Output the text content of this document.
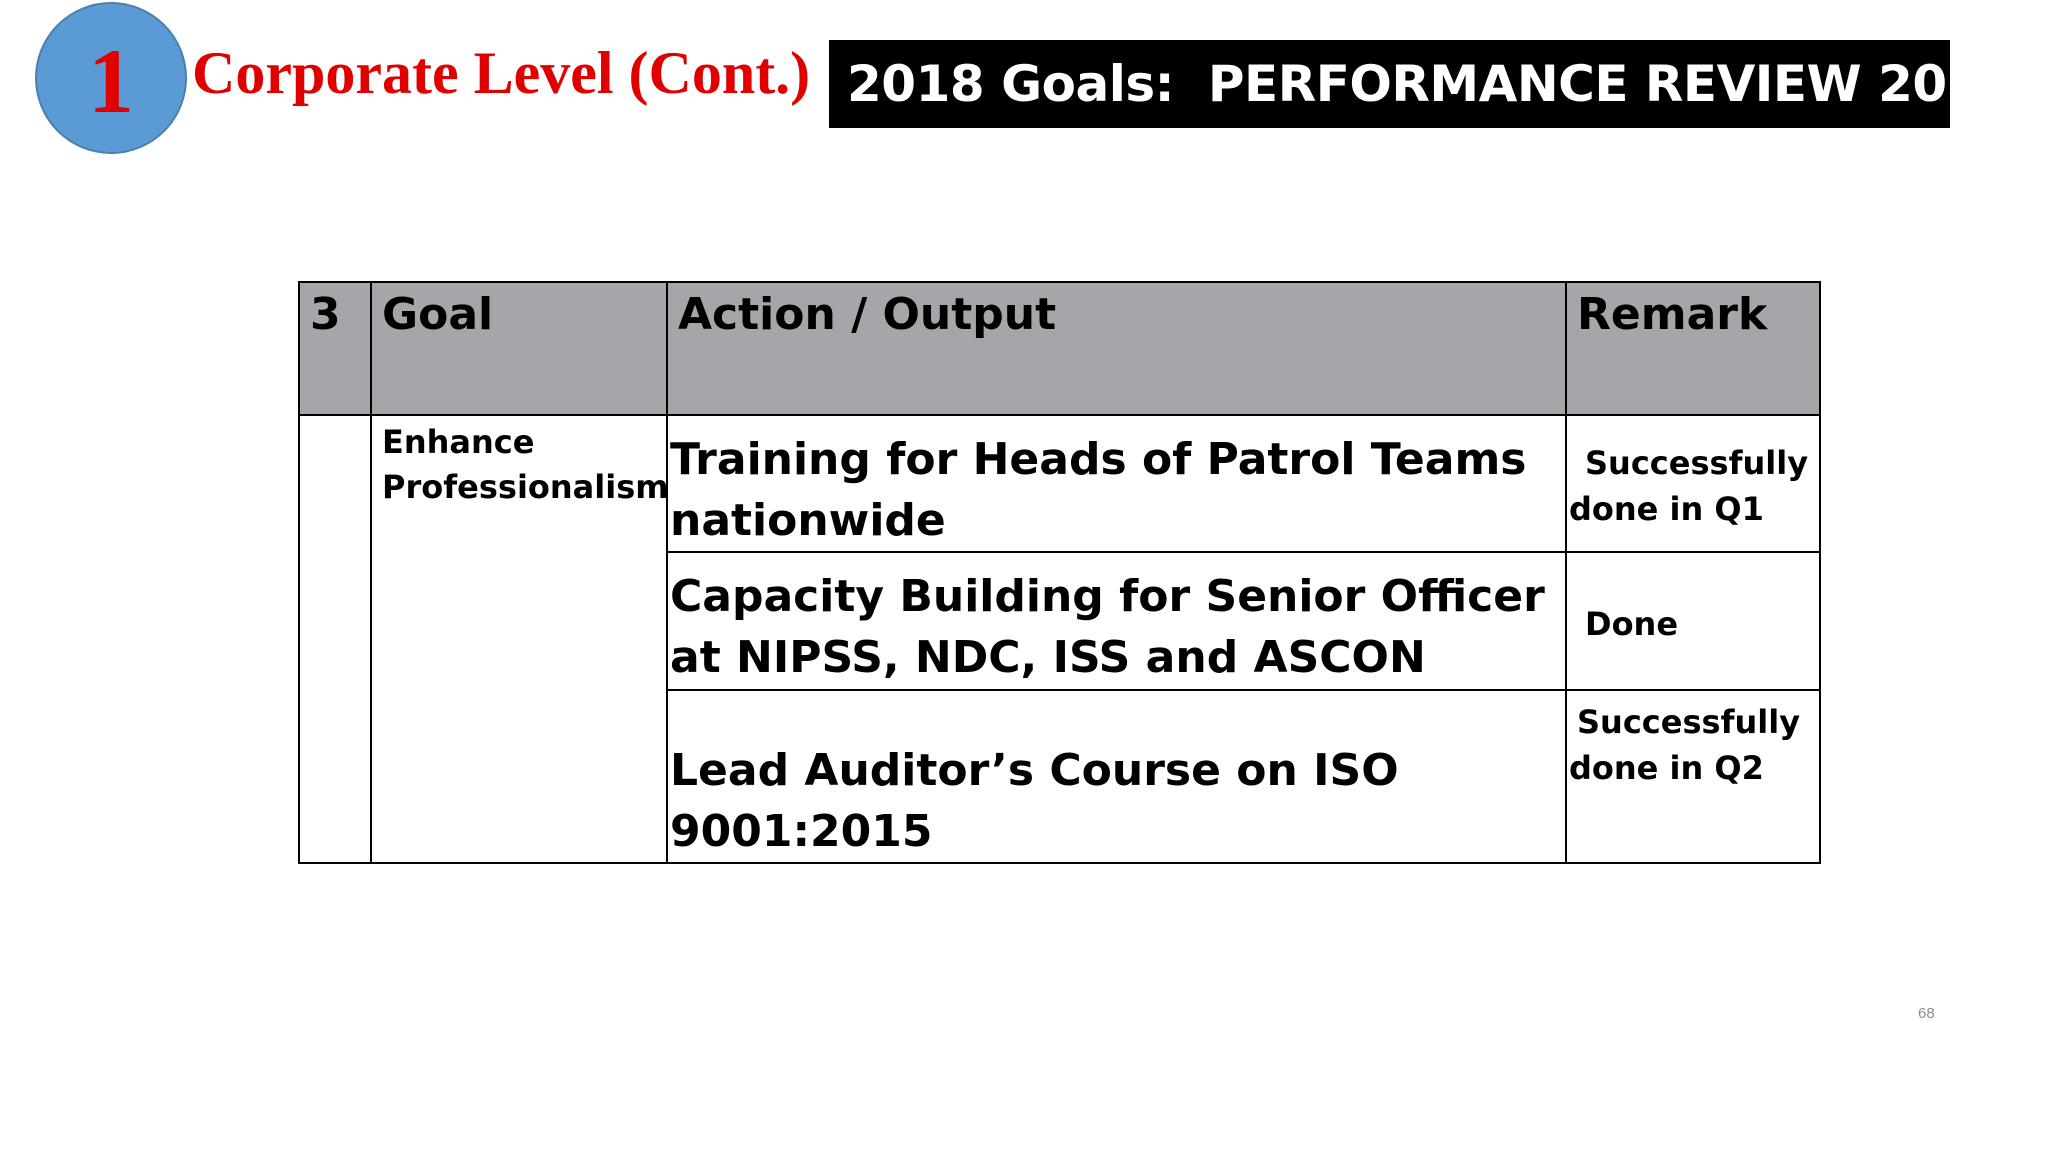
1 Corporate Level (Cont.) 2018 Goals:  PERFORMANCE REVIEW 2018.
3	Goal	Action / Output	Remark
	Enhance Professionalism	Training for Heads of Patrol Teams nationwide	Successfully
done in Q1

		Capacity Building for Senior Officer at NIPSS, NDC, ISS and ASCON	Done

		Lead Auditor’s Course on ISO 9001:2015	Successfully
done in Q2
68
